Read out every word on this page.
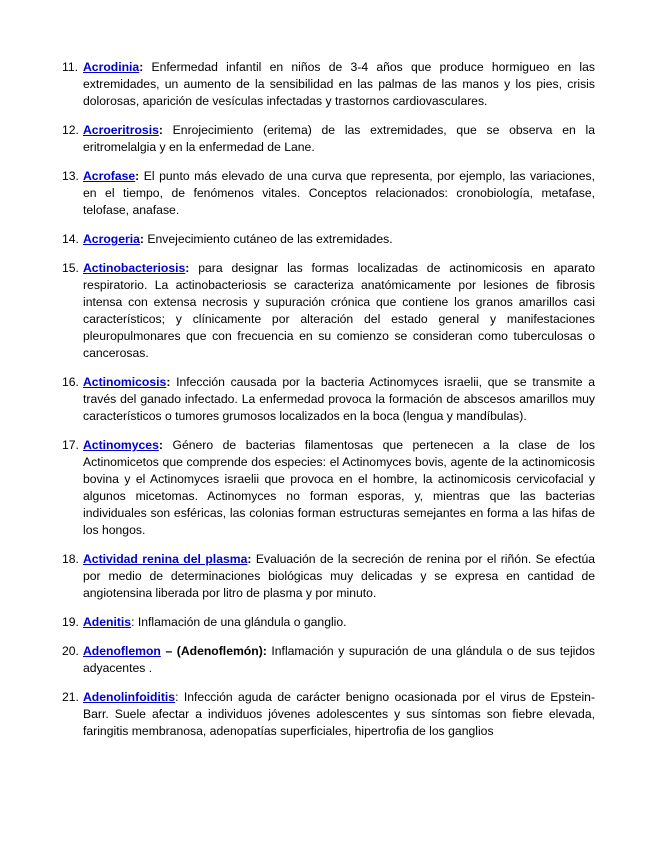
11. Acrodinia: Enfermedad infantil en niños de 3-4 años que produce hormigueo en las extremidades, un aumento de la sensibilidad en las palmas de las manos y los pies, crisis dolorosas, aparición de vesículas infectadas y trastornos cardiovasculares.
12. Acroeritrosis: Enrojecimiento (eritema) de las extremidades, que se observa en la eritromelalgia y en la enfermedad de Lane.
13. Acrofase: El punto más elevado de una curva que representa, por ejemplo, las variaciones, en el tiempo, de fenómenos vitales. Conceptos relacionados: cronobiología, metafase, telofase, anafase.
14. Acrogeria: Envejecimiento cutáneo de las extremidades.
15. Actinobacteriosis: para designar las formas localizadas de actinomicosis en aparato respiratorio. La actinobacteriosis se caracteriza anatómicamente por lesiones de fibrosis intensa con extensa necrosis y supuración crónica que contiene los granos amarillos casi característicos; y clínicamente por alteración del estado general y manifestaciones pleuropulmonares que con frecuencia en su comienzo se consideran como tuberculosas o cancerosas.
16. Actinomicosis: Infección causada por la bacteria Actinomyces israelii, que se transmite a través del ganado infectado. La enfermedad provoca la formación de abscesos amarillos muy característicos o tumores grumosos localizados en la boca (lengua y mandíbulas).
17. Actinomyces: Género de bacterias filamentosas que pertenecen a la clase de los Actinomicetos que comprende dos especies: el Actinomyces bovis, agente de la actinomicosis bovina y el Actinomyces israelii que provoca en el hombre, la actinomicosis cervicofacial y algunos micetomas. Actinomyces no forman esporas, y, mientras que las bacterias individuales son esféricas, las colonias forman estructuras semejantes en forma a las hifas de los hongos.
18. Actividad renina del plasma: Evaluación de la secreción de renina por el riñón. Se efectúa por medio de determinaciones biológicas muy delicadas y se expresa en cantidad de angiotensina liberada por litro de plasma y por minuto.
19. Adenitis: Inflamación de una glándula o ganglio.
20. Adenoflemon – (Adenoflemón): Inflamación y supuración de una glándula o de sus tejidos adyacentes .
21. Adenolinfoiditis: Infección aguda de carácter benigno ocasionada por el virus de Epstein-Barr. Suele afectar a individuos jóvenes adolescentes y sus síntomas son fiebre elevada, faringitis membranosa, adenopatías superficiales, hipertrofia de los ganglios
